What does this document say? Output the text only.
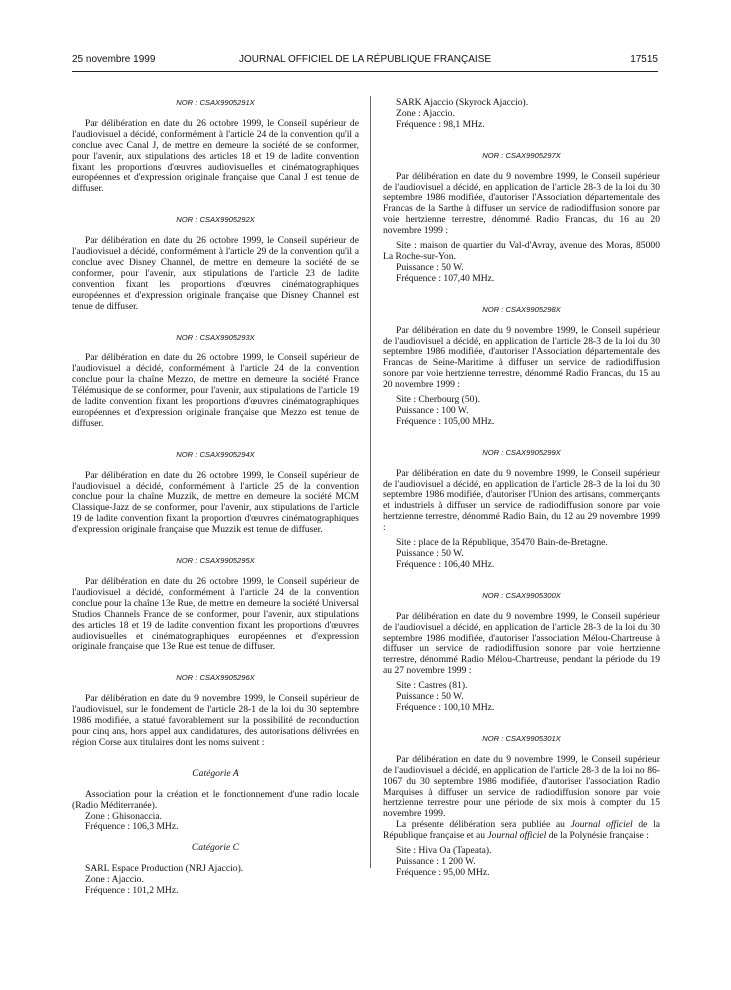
25 novembre 1999	JOURNAL OFFICIEL DE LA RÉPUBLIQUE FRANÇAISE	17515

NOR : CSAX9905291X

Par délibération en date du 26 octobre 1999, le Conseil supérieur de l'audiovisuel a décidé, conformément à l'article 24 de la convention qu'il a conclue avec Canal J, de mettre en demeure la société de se conformer, pour l'avenir, aux stipulations des articles 18 et 19 de ladite convention fixant les proportions d'œuvres audiovisuelles et cinématographiques européennes et d'expression originale française que Canal J est tenue de diffuser.

NOR : CSAX9905292X

Par délibération en date du 26 octobre 1999, le Conseil supérieur de l'audiovisuel a décidé, conformément à l'article 29 de la convention qu'il a conclue avec Disney Channel, de mettre en demeure la société de se conformer, pour l'avenir, aux stipulations de l'article 23 de ladite convention fixant les proportions d'œuvres cinématographiques européennes et d'expression originale française que Disney Channel est tenue de diffuser.

NOR : CSAX9905293X

Par délibération en date du 26 octobre 1999, le Conseil supérieur de l'audiovisuel a décidé, conformément à l'article 24 de la convention conclue pour la chaîne Mezzo, de mettre en demeure la société France Télémusique de se conformer, pour l'avenir, aux stipulations de l'article 19 de ladite convention fixant les proportions d'œuvres cinématographiques européennes et d'expression originale française que Mezzo est tenue de diffuser.

NOR : CSAX9905294X

Par délibération en date du 26 octobre 1999, le Conseil supérieur de l'audiovisuel a décidé, conformément à l'article 25 de la convention conclue pour la chaîne Muzzik, de mettre en demeure la société MCM Classique-Jazz de se conformer, pour l'avenir, aux stipulations de l'article 19 de ladite convention fixant la proportion d'œuvres cinématographiques d'expression originale française que Muzzik est tenue de diffuser.

NOR : CSAX9905295X

Par délibération en date du 26 octobre 1999, le Conseil supérieur de l'audiovisuel a décidé, conformément à l'article 24 de la convention conclue pour la chaîne 13e Rue, de mettre en demeure la société Universal Studios Channels France de se conformer, pour l'avenir, aux stipulations des articles 18 et 19 de ladite convention fixant les proportions d'œuvres audiovisuelles et cinématographiques européennes et d'expression originale française que 13e Rue est tenue de diffuser.

NOR : CSAX9905296X

Par délibération en date du 9 novembre 1999, le Conseil supérieur de l'audiovisuel, sur le fondement de l'article 28-1 de la loi du 30 septembre 1986 modifiée, a statué favorablement sur la possibilité de reconduction pour cinq ans, hors appel aux candidatures, des autorisations délivrées en région Corse aux titulaires dont les noms suivent :

Catégorie A

Association pour la création et le fonctionnement d'une radio locale (Radio Méditerranée).

Zone : Ghisonaccia.

Fréquence : 106,3 MHz.

Catégorie C

SARL Espace Production (NRJ Ajaccio).

Zone : Ajaccio.

Fréquence : 101,2 MHz.

SARK Ajaccio (Skyrock Ajaccio).

Zone : Ajaccio.

Fréquence : 98,1 MHz.

NOR : CSAX9905297X

Par délibération en date du 9 novembre 1999, le Conseil supérieur de l'audiovisuel a décidé, en application de l'article 28-3 de la loi du 30 septembre 1986 modifiée, d'autoriser l'Association départementale des Francas de la Sarthe à diffuser un service de radiodiffusion sonore par voie hertzienne terrestre, dénommé Radio Francas, du 16 au 20 novembre 1999 :

Site : maison de quartier du Val-d'Avray, avenue des Moras, 85000 La Roche-sur-Yon.

Puissance : 50 W.

Fréquence : 107,40 MHz.

NOR : CSAX9905298X

Par délibération en date du 9 novembre 1999, le Conseil supérieur de l'audiovisuel a décidé, en application de l'article 28-3 de la loi du 30 septembre 1986 modifiée, d'autoriser l'Association départementale des Francas de Seine-Maritime à diffuser un service de radiodiffusion sonore par voie hertzienne terrestre, dénommé Radio Francas, du 15 au 20 novembre 1999 :

Site : Cherbourg (50).

Puissance : 100 W.

Fréquence : 105,00 MHz.

NOR : CSAX9905299X

Par délibération en date du 9 novembre 1999, le Conseil supérieur de l'audiovisuel a décidé, en application de l'article 28-3 de la loi du 30 septembre 1986 modifiée, d'autoriser l'Union des artisans, commerçants et industriels à diffuser un service de radiodiffusion sonore par voie hertzienne terrestre, dénommé Radio Bain, du 12 au 29 novembre 1999 :

Site : place de la République, 35470 Bain-de-Bretagne.

Puissance : 50 W.

Fréquence : 106,40 MHz.

NOR : CSAX9905300X

Par délibération en date du 9 novembre 1999, le Conseil supérieur de l'audiovisuel a décidé, en application de l'article 28-3 de la loi du 30 septembre 1986 modifiée, d'autoriser l'association Mélou-Chartreuse à diffuser un service de radiodiffusion sonore par voie hertzienne terrestre, dénommé Radio Mélou-Chartreuse, pendant la période du 19 au 27 novembre 1999 :

Site : Castres (81).

Puissance : 50 W.

Fréquence : 100,10 MHz.

NOR : CSAX9905301X

Par délibération en date du 9 novembre 1999, le Conseil supérieur de l'audiovisuel a décidé, en application de l'article 28-3 de la loi no 86-1067 du 30 septembre 1986 modifiée, d'autoriser l'association Radio Marquises à diffuser un service de radiodiffusion sonore par voie hertzienne terrestre pour une période de six mois à compter du 15 novembre 1999.

La présente délibération sera publiée au Journal officiel de la République française et au Journal officiel de la Polynésie française :

Site : Hiva Oa (Tapeata).

Puissance : 1 200 W.

Fréquence : 95,00 MHz.
